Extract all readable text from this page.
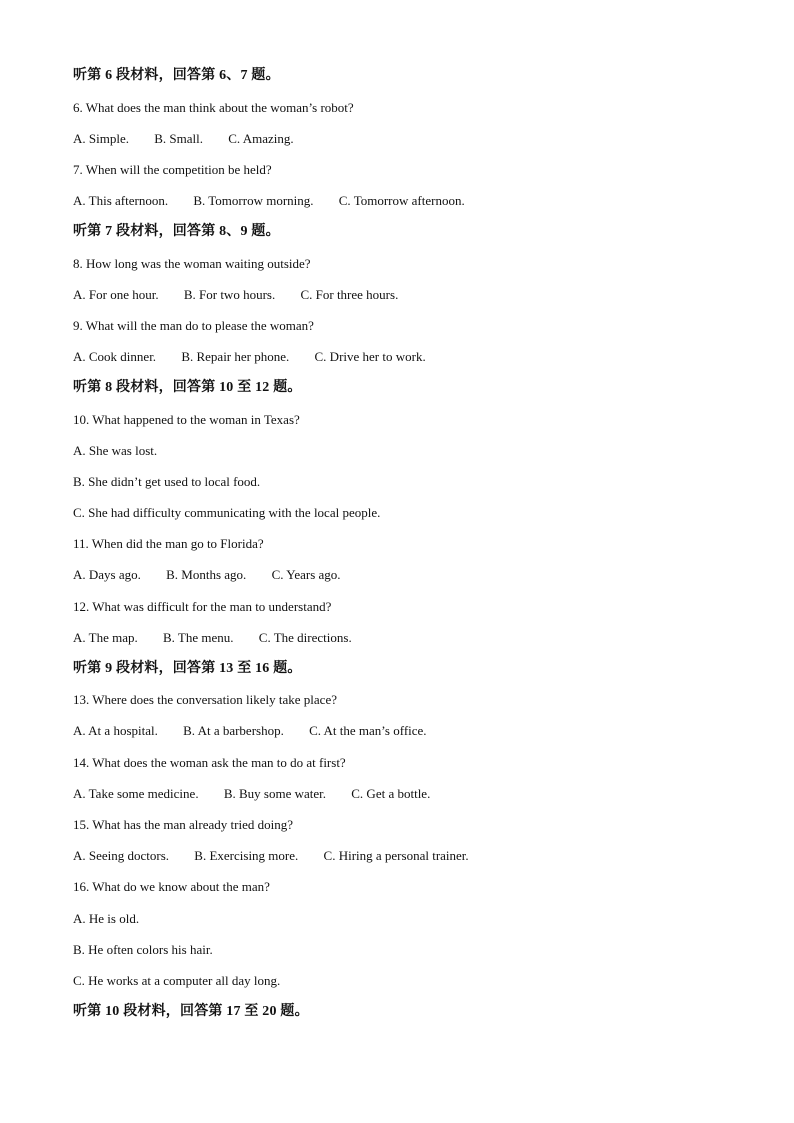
听第 6 段材料，回答第 6、7 题。
6. What does the man think about the woman’s robot?
A. Simple. B. Small. C. Amazing.
7. When will the competition be held?
A. This afternoon. B. Tomorrow morning. C. Tomorrow afternoon.
听第 7 段材料，回答第 8、9 题。
8. How long was the woman waiting outside?
A. For one hour. B. For two hours. C. For three hours.
9. What will the man do to please the woman?
A. Cook dinner. B. Repair her phone. C. Drive her to work.
听第 8 段材料，回答第 10 至 12 题。
10. What happened to the woman in Texas?
A. She was lost.
B. She didn’t get used to local food.
C. She had difficulty communicating with the local people.
11. When did the man go to Florida?
A. Days ago. B. Months ago. C. Years ago.
12. What was difficult for the man to understand?
A. The map. B. The menu. C. The directions.
听第 9 段材料，回答第 13 至 16 题。
13. Where does the conversation likely take place?
A. At a hospital. B. At a barbershop. C. At the man’s office.
14. What does the woman ask the man to do at first?
A. Take some medicine. B. Buy some water. C. Get a bottle.
15. What has the man already tried doing?
A. Seeing doctors. B. Exercising more. C. Hiring a personal trainer.
16. What do we know about the man?
A. He is old.
B. He often colors his hair.
C. He works at a computer all day long.
听第 10 段材料，回答第 17 至 20 题。
